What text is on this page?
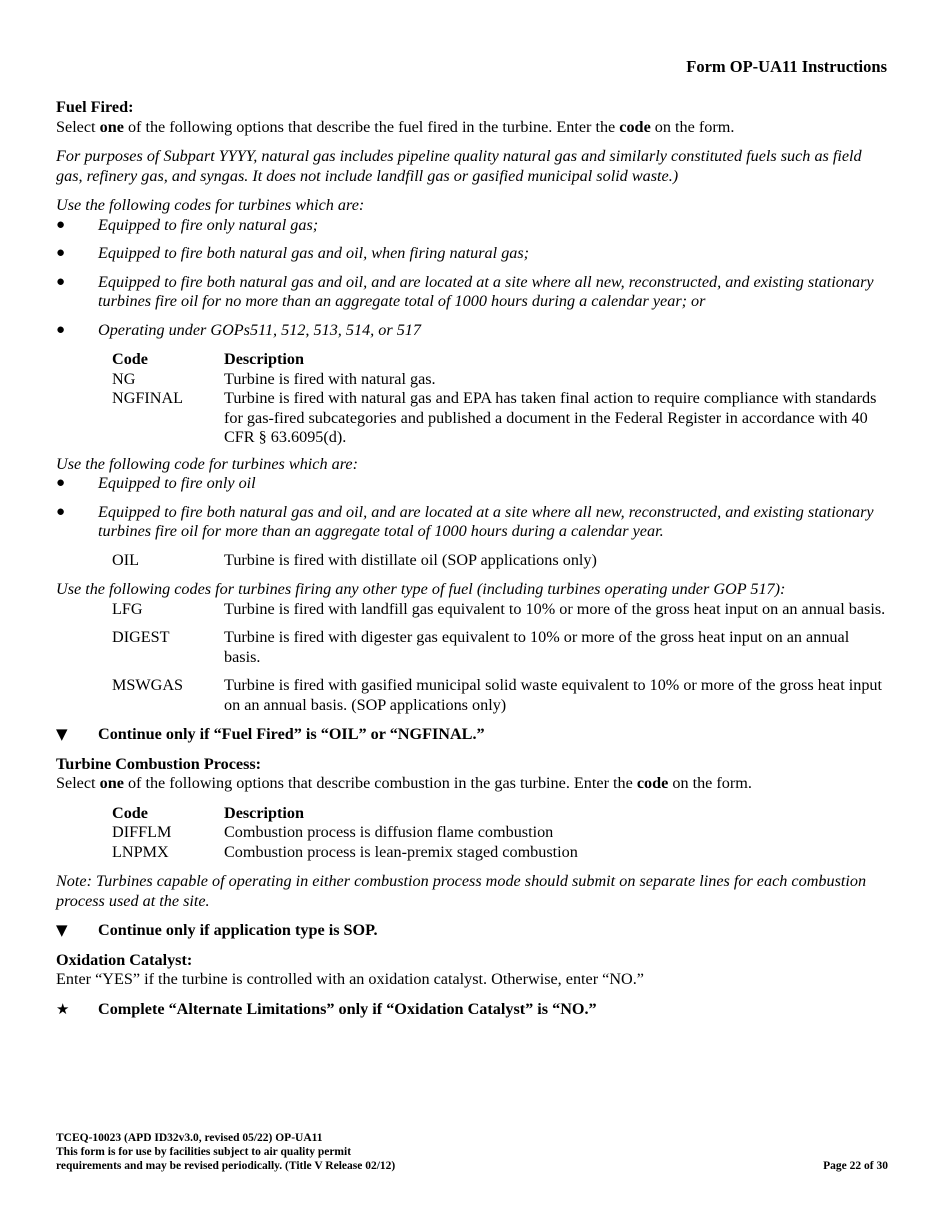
Form OP-UA11 Instructions

Fuel Fired:

Select one of the following options that describe the fuel fired in the turbine. Enter the code on the form.

For purposes of Subpart YYYY, natural gas includes pipeline quality natural gas and similarly constituted fuels such as field gas, refinery gas, and syngas. It does not include landfill gas or gasified municipal solid waste.)

Use the following codes for turbines which are:

● Equipped to fire only natural gas;
● Equipped to fire both natural gas and oil, when firing natural gas;
● Equipped to fire both natural gas and oil, and are located at a site where all new, reconstructed, and existing stationary turbines fire oil for no more than an aggregate total of 1000 hours during a calendar year; or
● Operating under GOPs511, 512, 513, 514, or 517
Code	Description
NG	Turbine is fired with natural gas.
NGFINAL	Turbine is fired with natural gas and EPA has taken final action to require compliance with standards for gas-fired subcategories and published a document in the Federal Register in accordance with 40 CFR § 63.6095(d).

Use the following code for turbines which are:

● Equipped to fire only oil
● Equipped to fire both natural gas and oil, and are located at a site where all new, reconstructed, and existing stationary turbines fire oil for more than an aggregate total of 1000 hours during a calendar year.
OIL	Turbine is fired with distillate oil (SOP applications only)

Use the following codes for turbines firing any other type of fuel (including turbines operating under GOP 517):

LFG	Turbine is fired with landfill gas equivalent to 10% or more of the gross heat input on an annual basis.
DIGEST	Turbine is fired with digester gas equivalent to 10% or more of the gross heat input on an annual basis.
MSWGAS	Turbine is fired with gasified municipal solid waste equivalent to 10% or more of the gross heat input on an annual basis. (SOP applications only)
▼ Continue only if “Fuel Fired” is “OIL” or “NGFINAL.”

Turbine Combustion Process:

Select one of the following options that describe combustion in the gas turbine. Enter the code on the form.

Code	Description
DIFFLM	Combustion process is diffusion flame combustion
LNPMX	Combustion process is lean-premix staged combustion

Note: Turbines capable of operating in either combustion process mode should submit on separate lines for each combustion process used at the site.

▼ Continue only if application type is SOP.

Oxidation Catalyst:

Enter “YES” if the turbine is controlled with an oxidation catalyst. Otherwise, enter “NO.”

★ Complete “Alternate Limitations” only if “Oxidation Catalyst” is “NO.”
TCEQ-10023 (APD ID32v3.0, revised 05/22) OP-UA11
This form is for use by facilities subject to air quality permit
requirements and may be revised periodically. (Title V Release 02/12)	Page 22 of 30
